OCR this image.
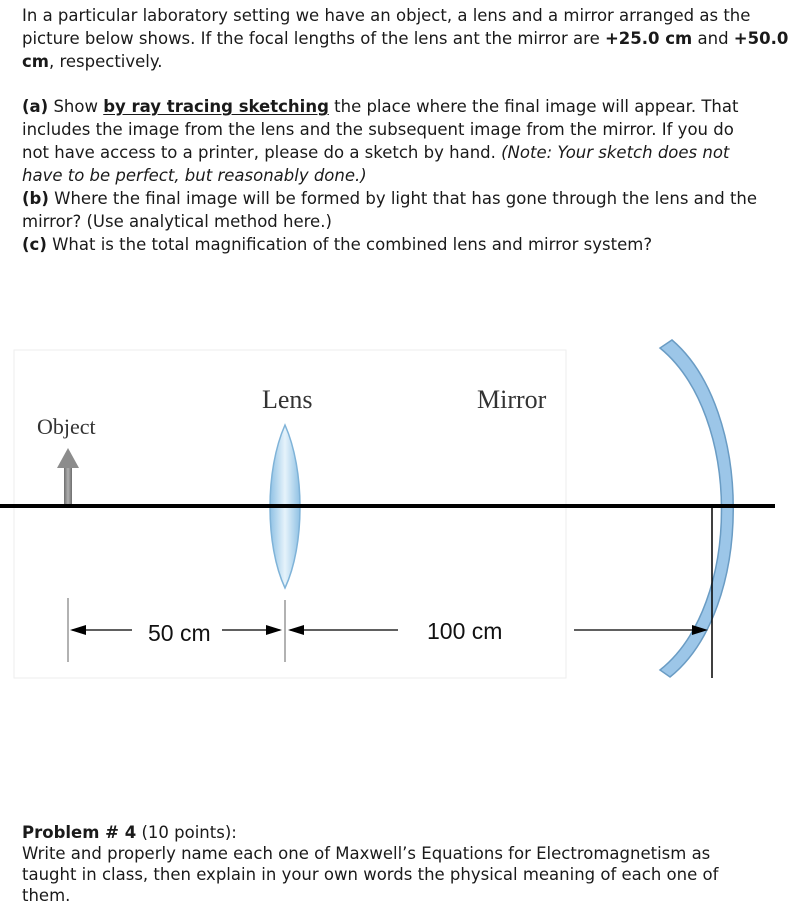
In a particular laboratory setting we have an object, a lens and a mirror arranged as the
picture below shows. If the focal lengths of the lens ant the mirror are +25.0 cm and +50.0
cm, respectively.
(a) Show by ray tracing sketching the place where the final image will appear. That
includes the image from the lens and the subsequent image from the mirror. If you do
not have access to a printer, please do a sketch by hand. (Note: Your sketch does not
have to be perfect, but reasonably done.)
(b) Where the final image will be formed by light that has gone through the lens and the
mirror? (Use analytical method here.)
(c) What is the total magnification of the combined lens and mirror system?
Object
Lens	Mirror
50 cm	100 cm
Problem # 4 (10 points):
Write and properly name each one of Maxwell’s Equations for Electromagnetism as
taught in class, then explain in your own words the physical meaning of each one of
them.
